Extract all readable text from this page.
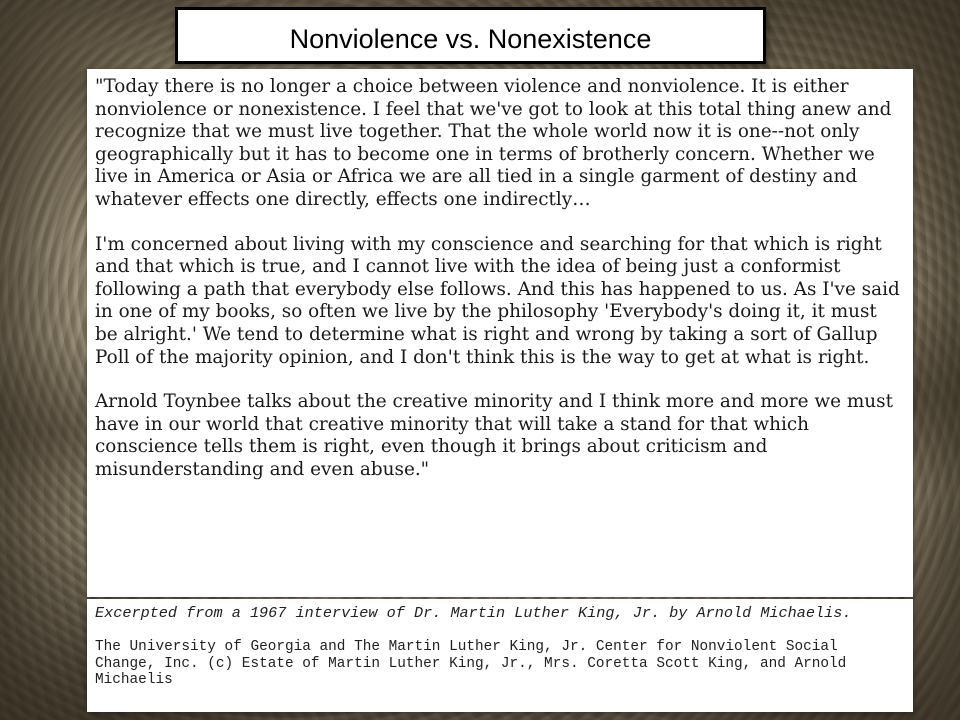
Nonviolence vs. Nonexistence

"Today there is no longer a choice between violence and nonviolence. It is either nonviolence or nonexistence. I feel that we've got to look at this total thing anew and recognize that we must live together. That the whole world now it is one--not only geographically but it has to become one in terms of brotherly concern. Whether we live in America or Asia or Africa we are all tied in a single garment of destiny and whatever effects one directly, effects one indirectly…

I'm concerned about living with my conscience and searching for that which is right and that which is true, and I cannot live with the idea of being just a conformist following a path that everybody else follows. And this has happened to us. As I've said in one of my books, so often we live by the philosophy 'Everybody's doing it, it must be alright.' We tend to determine what is right and wrong by taking a sort of Gallup Poll of the majority opinion, and I don't think this is the way to get at what is right.

Arnold Toynbee talks about the creative minority and I think more and more we must have in our world that creative minority that will take a stand for that which conscience tells them is right, even though it brings about criticism and misunderstanding and even abuse."

Excerpted from a 1967 interview of Dr. Martin Luther King, Jr. by Arnold Michaelis.

The University of Georgia and The Martin Luther King, Jr. Center for Nonviolent Social Change, Inc. (c) Estate of Martin Luther King, Jr., Mrs. Coretta Scott King, and Arnold Michaelis
